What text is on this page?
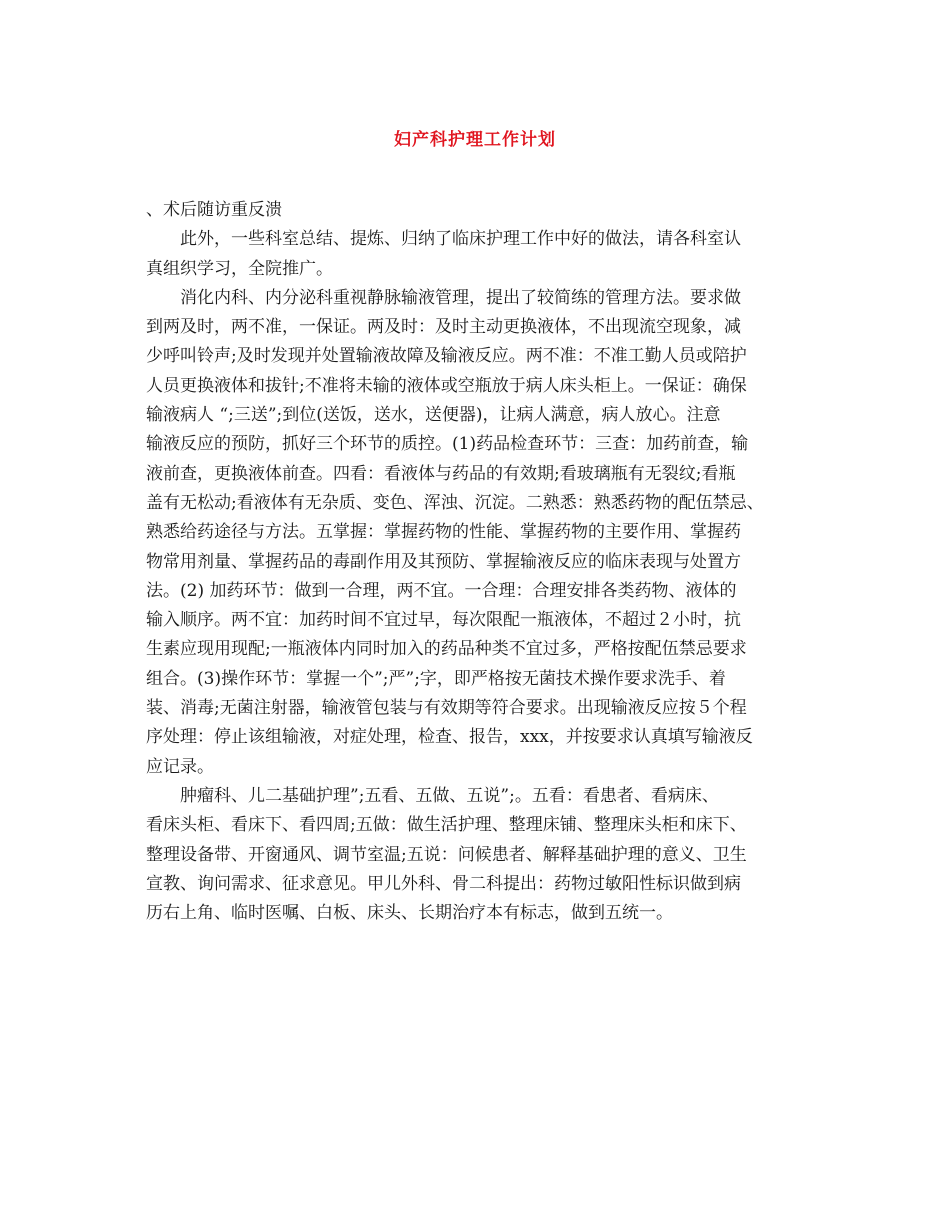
妇产科护理工作计划
、术后随访重反溃
此外，一些科室总结、提炼、归纳了临床护理工作中好的做法，请各科室认
真组织学习，全院推广。
消化内科、内分泌科重视静脉输液管理，提出了较简练的管理方法。要求做
到两及时，两不准，一保证。两及时：及时主动更换液体，不出现流空现象，减
少呼叫铃声;及时发现并处置输液故障及输液反应。两不准：不准工勤人员或陪护
人员更换液体和拔针;不准将未输的液体或空瓶放于病人床头柜上。一保证：确保
输液病人 “;三送”;到位(送饭，送水，送便器)，让病人满意，病人放心。注意
输液反应的预防，抓好三个环节的质控。(1)药品检查环节：三查：加药前查，输
液前查，更换液体前查。四看：看液体与药品的有效期;看玻璃瓶有无裂纹;看瓶
盖有无松动;看液体有无杂质、变色、浑浊、沉淀。二熟悉：熟悉药物的配伍禁忌、
熟悉给药途径与方法。五掌握：掌握药物的性能、掌握药物的主要作用、掌握药
物常用剂量、掌握药品的毒副作用及其预防、掌握输液反应的临床表现与处置方
法。(2) 加药环节：做到一合理，两不宜。一合理：合理安排各类药物、液体的
输入顺序。两不宜：加药时间不宜过早，每次限配一瓶液体，不超过２小时，抗
生素应现用现配;一瓶液体内同时加入的药品种类不宜过多，严格按配伍禁忌要求
组合。(3)操作环节：掌握一个”;严”;字，即严格按无菌技术操作要求洗手、着
装、消毒;无菌注射器，输液管包装与有效期等符合要求。出现输液反应按５个程
序处理：停止该组输液，对症处理，检查、报告，xxx，并按要求认真填写输液反
应记录。
肿瘤科、儿二基础护理”;五看、五做、五说”;。五看：看患者、看病床、
看床头柜、看床下、看四周;五做：做生活护理、整理床铺、整理床头柜和床下、
整理设备带、开窗通风、调节室温;五说：问候患者、解释基础护理的意义、卫生
宣教、询问需求、征求意见。甲儿外科、骨二科提出：药物过敏阳性标识做到病
历右上角、临时医嘱、白板、床头、长期治疗本有标志，做到五统一。
